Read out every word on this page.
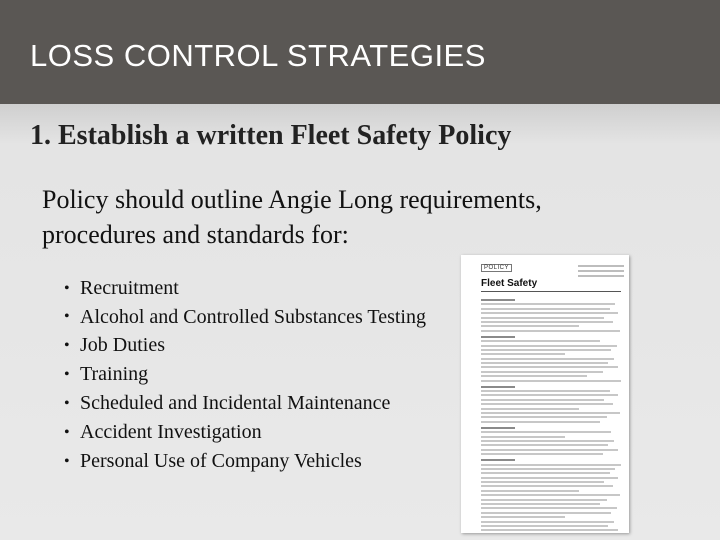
LOSS CONTROL STRATEGIES
1. Establish a written Fleet Safety Policy
Policy should outline Angie Long requirements, procedures and standards for:
• Recruitment
• Alcohol and Controlled Substances Testing
• Job Duties
• Training
• Scheduled and Incidental Maintenance
• Accident Investigation
• Personal Use of Company Vehicles
POLICY
Fleet Safety
